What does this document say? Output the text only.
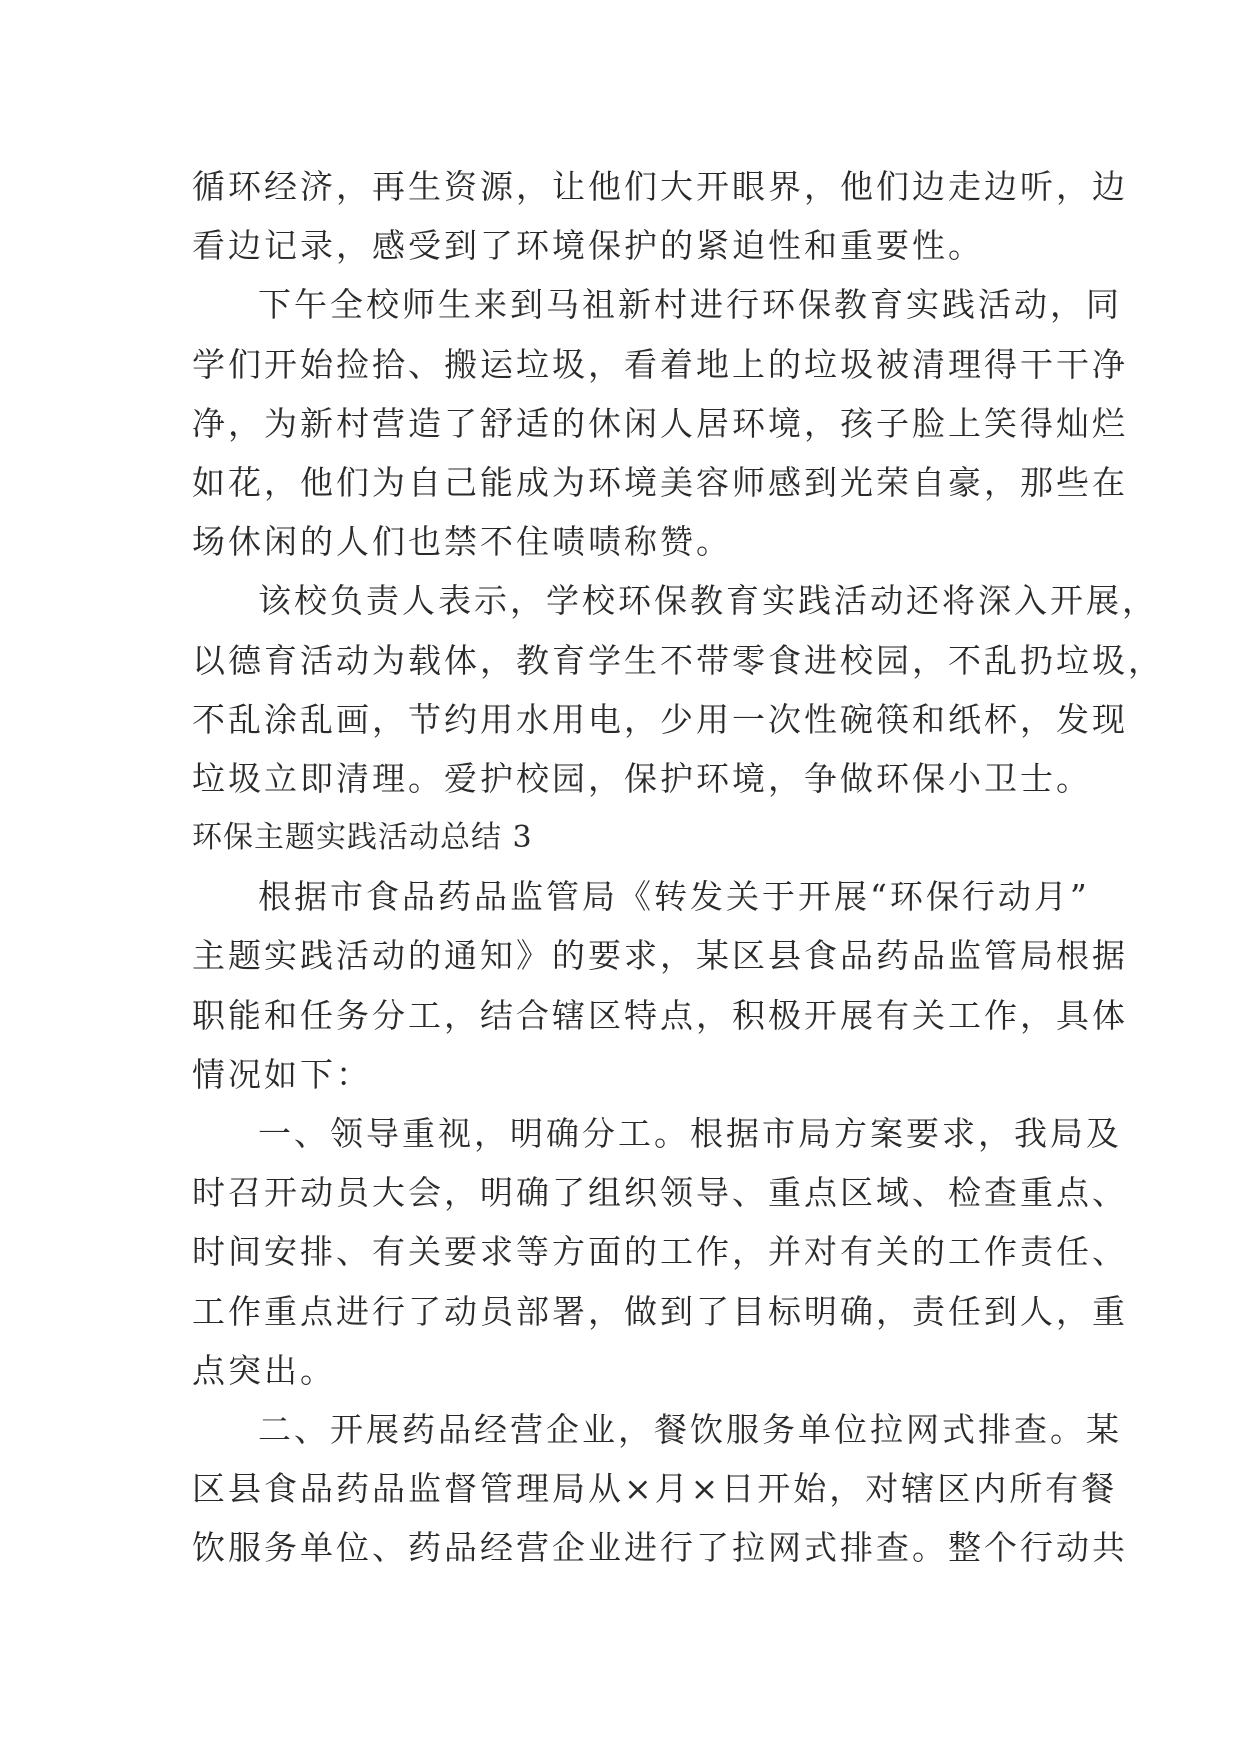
循环经济，再生资源，让他们大开眼界，他们边走边听，边
看边记录，感受到了环境保护的紧迫性和重要性。
下午全校师生来到马祖新村进行环保教育实践活动，同
学们开始捡拾、搬运垃圾，看着地上的垃圾被清理得干干净
净，为新村营造了舒适的休闲人居环境，孩子脸上笑得灿烂
如花，他们为自己能成为环境美容师感到光荣自豪，那些在
场休闲的人们也禁不住啧啧称赞。
该校负责人表示，学校环保教育实践活动还将深入开展，
以德育活动为载体，教育学生不带零食进校园，不乱扔垃圾，
不乱涂乱画，节约用水用电，少用一次性碗筷和纸杯，发现
垃圾立即清理。爱护校园，保护环境，争做环保小卫士。
环保主题实践活动总结 3
根据市食品药品监管局《转发关于开展“环保行动月”
主题实践活动的通知》的要求，某区县食品药品监管局根据
职能和任务分工，结合辖区特点，积极开展有关工作，具体
情况如下：
一、领导重视，明确分工。根据市局方案要求，我局及
时召开动员大会，明确了组织领导、重点区域、检查重点、
时间安排、有关要求等方面的工作，并对有关的工作责任、
工作重点进行了动员部署，做到了目标明确，责任到人，重
点突出。
二、开展药品经营企业，餐饮服务单位拉网式排查。某
区县食品药品监督管理局从×月×日开始，对辖区内所有餐
饮服务单位、药品经营企业进行了拉网式排查。整个行动共
